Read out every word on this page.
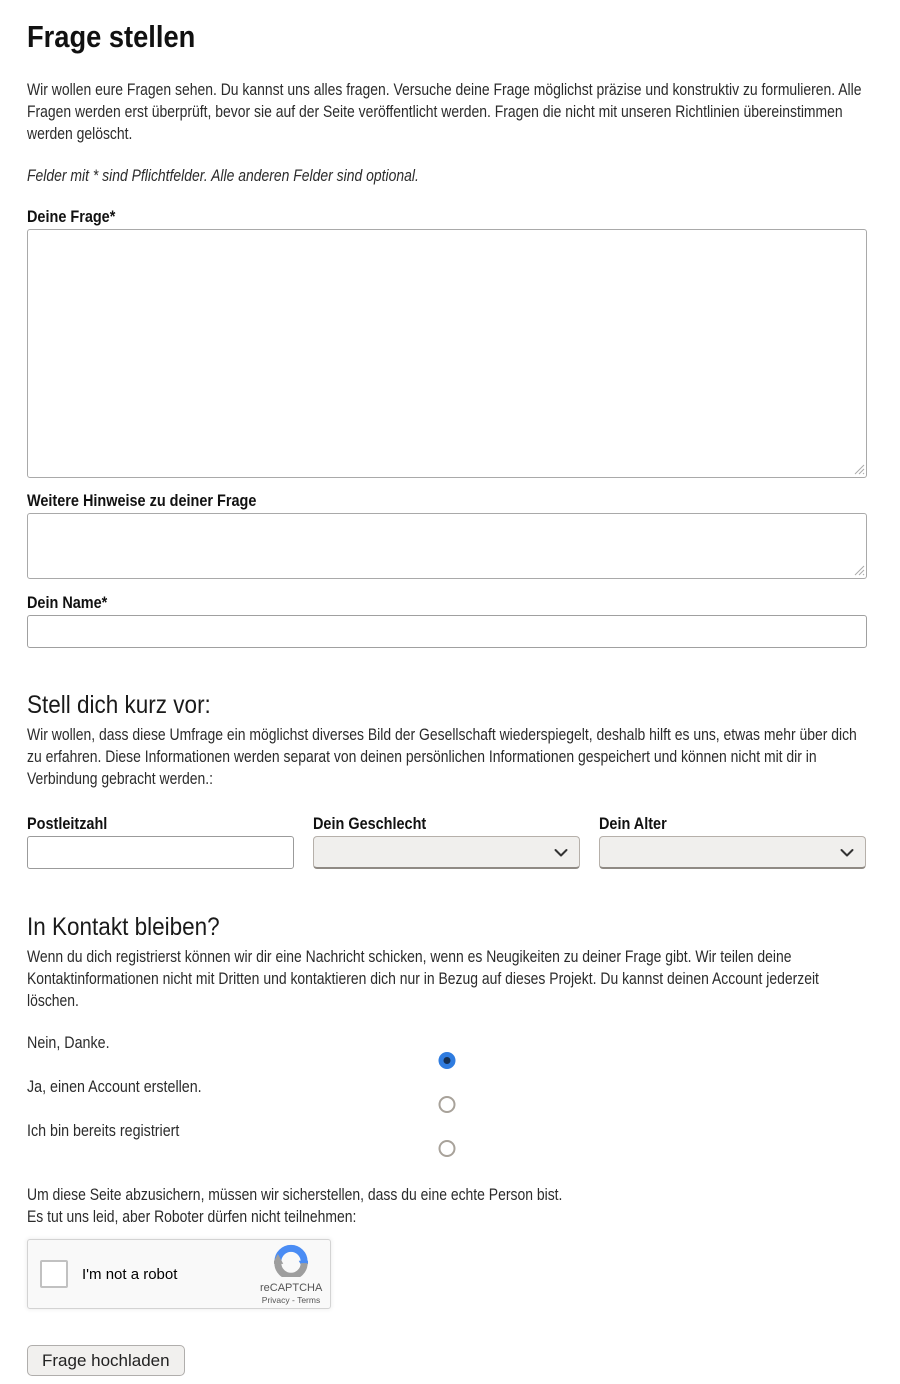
Frage stellen

Wir wollen eure Fragen sehen. Du kannst uns alles fragen. Versuche deine Frage möglichst präzise und konstruktiv zu formulieren. Alle Fragen werden erst überprüft, bevor sie auf der Seite veröffentlicht werden. Fragen die nicht mit unseren Richtlinien übereinstimmen werden gelöscht.

Felder mit * sind Pflichtfelder. Alle anderen Felder sind optional.

Deine Frage*
Weitere Hinweise zu deiner Frage
Dein Name*
Stell dich kurz vor:

Wir wollen, dass diese Umfrage ein möglichst diverses Bild der Gesellschaft wiederspiegelt, deshalb hilft es uns, etwas mehr über dich zu erfahren. Diese Informationen werden separat von deinen persönlichen Informationen gespeichert und können nicht mit dir in Verbindung gebracht werden.:

Postleitzahl	Dein Geschlecht	Dein Alter
In Kontakt bleiben?

Wenn du dich registrierst können wir dir eine Nachricht schicken, wenn es Neugikeiten zu deiner Frage gibt. Wir teilen deine Kontaktinformationen nicht mit Dritten und kontaktieren dich nur in Bezug auf dieses Projekt. Du kannst deinen Account jederzeit löschen.

Nein, Danke.
Ja, einen Account erstellen.
Ich bin bereits registriert

Um diese Seite abzusichern, müssen wir sicherstellen, dass du eine echte Person bist.
Es tut uns leid, aber Roboter dürfen nicht teilnehmen:

I'm not a robot
reCAPTCHA
Privacy - Terms
Frage hochladen
